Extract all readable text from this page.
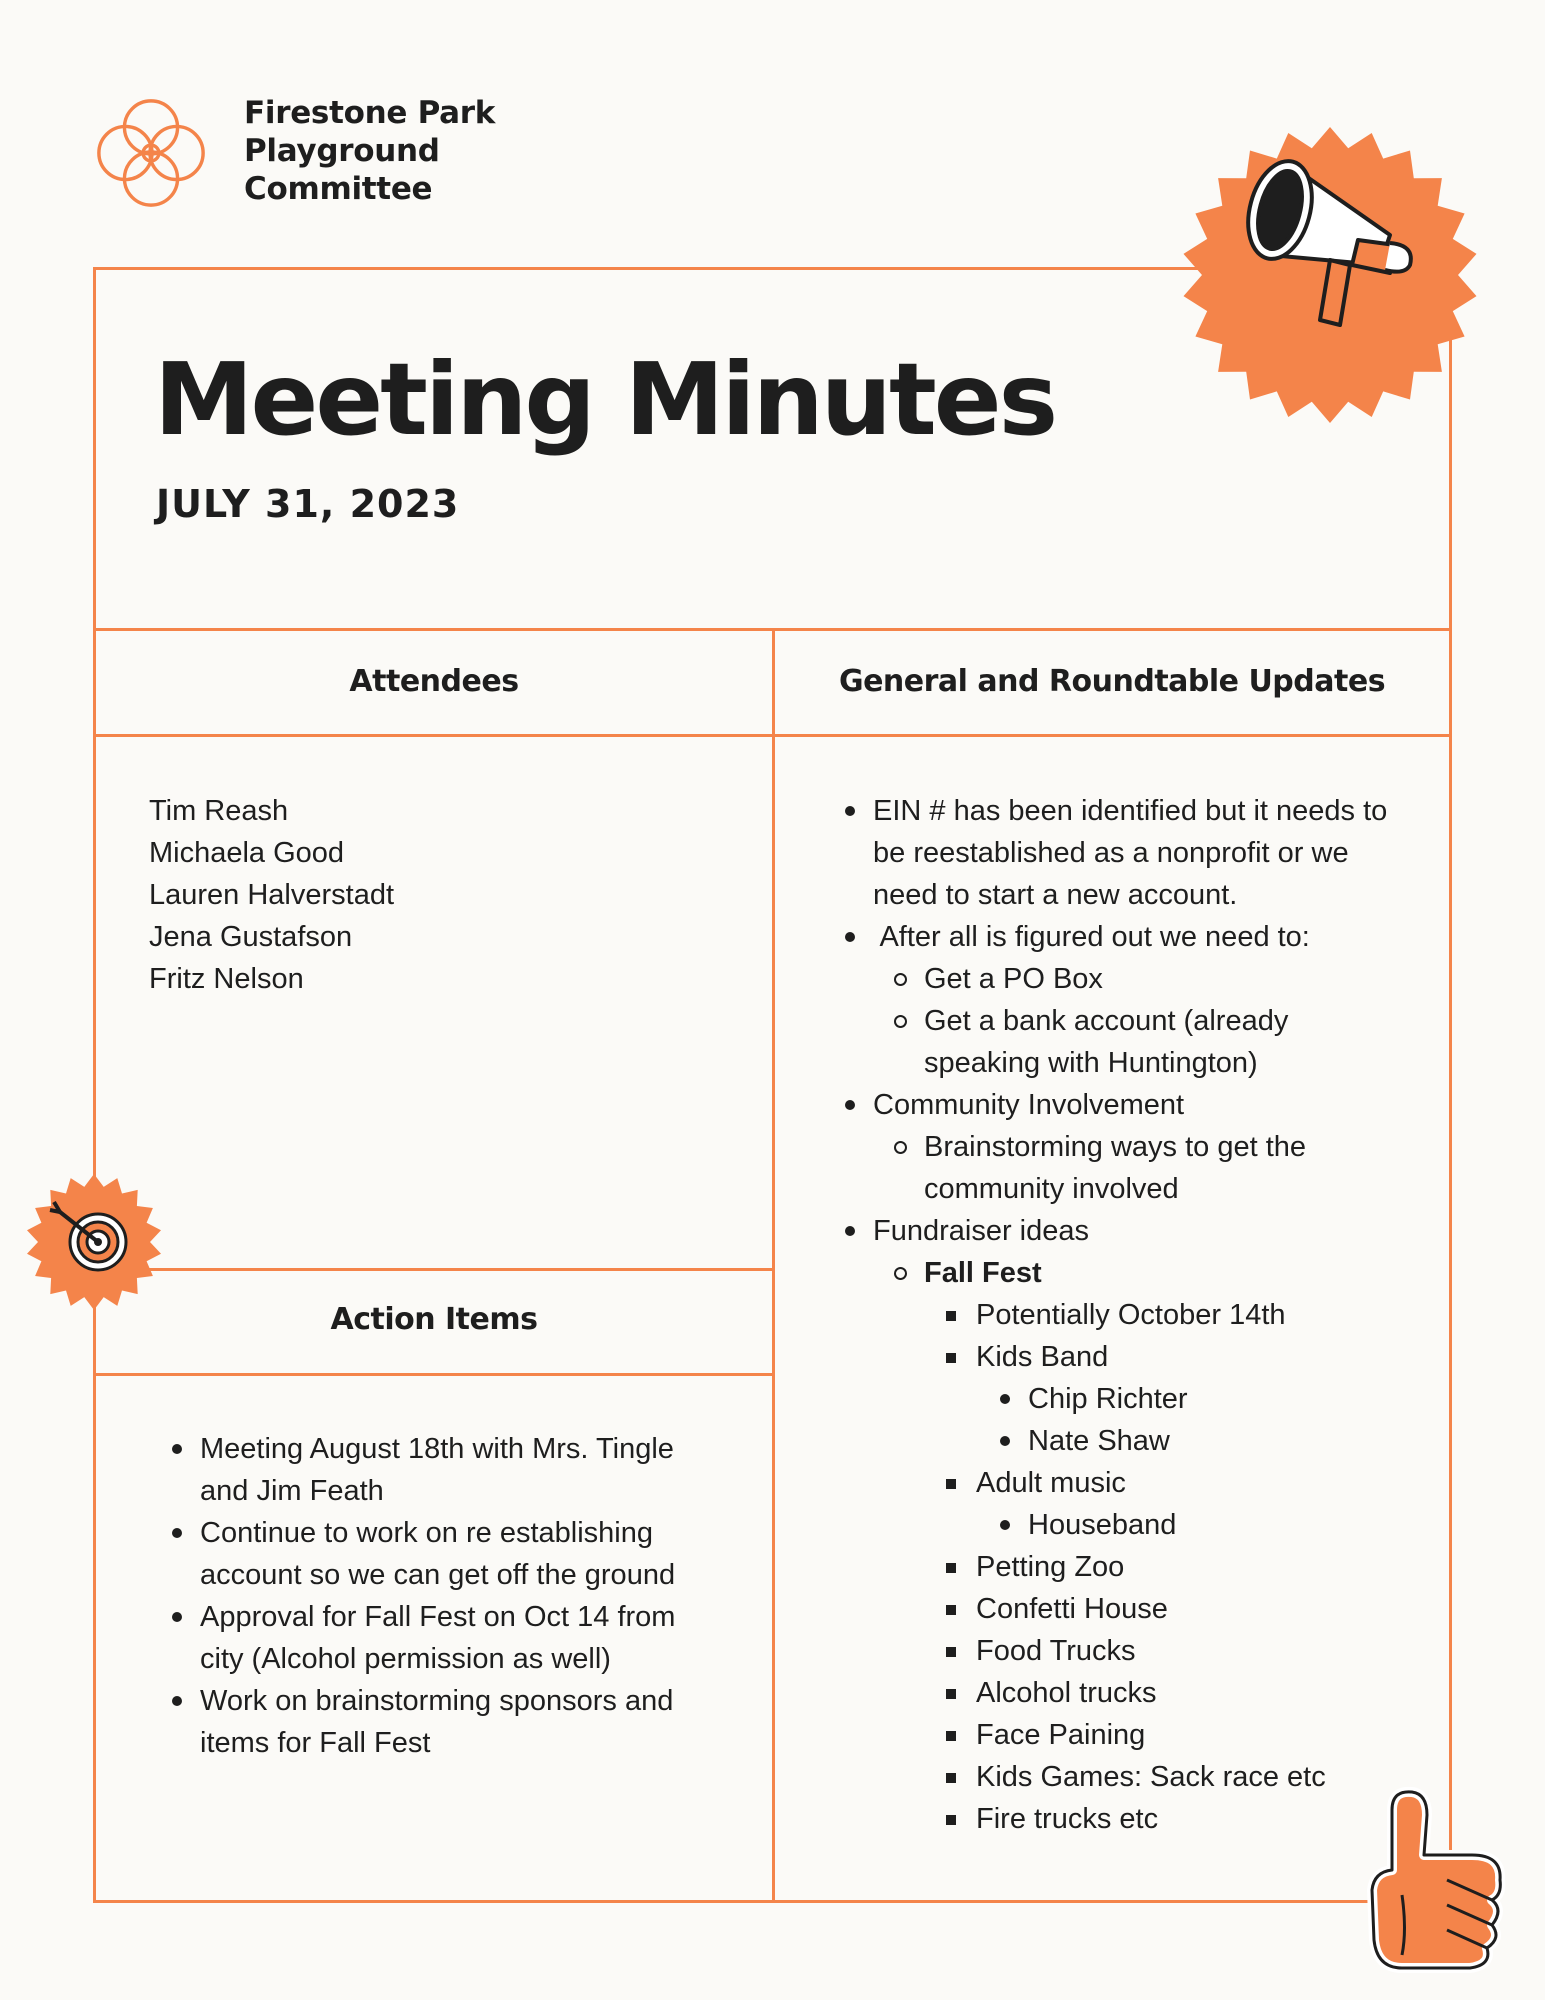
Firestone Park
Playground
Committee
Meeting Minutes
JULY 31, 2023
Attendees	General and Roundtable Updates
Action Items
Tim Reash
Michaela Good
Lauren Halverstadt
Jena Gustafson
Fritz Nelson
Meeting August 18th with Mrs. Tingle and Jim Feath
Continue to work on re establishing account so we can get off the ground
Approval for Fall Fest on Oct 14 from city (Alcohol permission as well)
Work on brainstorming sponsors and items for Fall Fest
EIN # has been identified but it needs to be reestablished as a nonprofit or we need to start a new account.
After all is figured out we need to:
Get a PO Box
Get a bank account (already speaking with Huntington)
Community Involvement
Brainstorming ways to get the community involved
Fundraiser ideas
Fall Fest
Potentially October 14th
Kids Band
Chip Richter
Nate Shaw
Adult music
Houseband
Petting Zoo
Confetti House
Food Trucks
Alcohol trucks
Face Paining
Kids Games: Sack race etc
Fire trucks etc
